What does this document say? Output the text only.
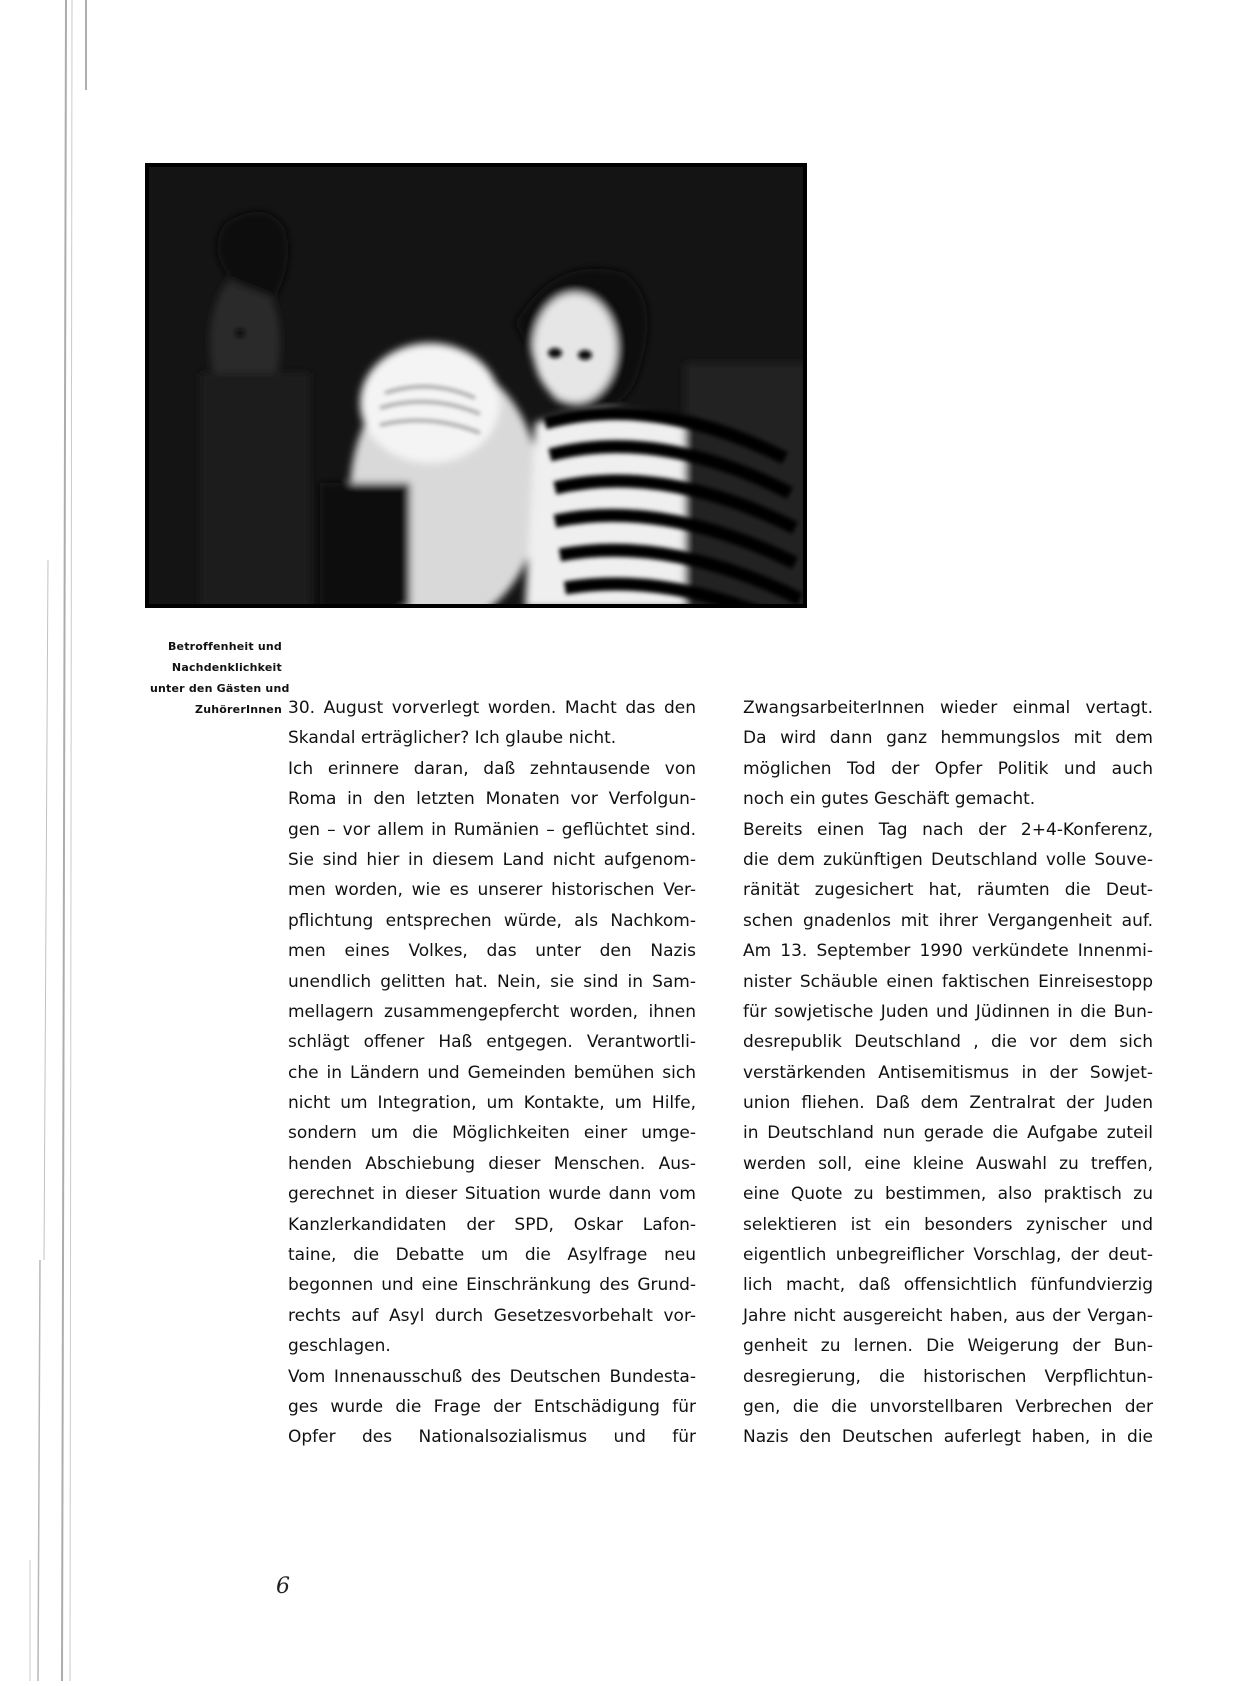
Betroffenheit und
Nachdenklichkeit
unter den Gästen und
ZuhörerInnen 30. August vorverlegt worden. Macht das den
Skandal erträglicher? Ich glaube nicht.
Ich erinnere daran, daß zehntausende von
Roma in den letzten Monaten vor Verfolgun-
gen – vor allem in Rumänien – geflüchtet sind.
Sie sind hier in diesem Land nicht aufgenom-
men worden, wie es unserer historischen Ver-
pflichtung entsprechen würde, als Nachkom-
men eines Volkes, das unter den Nazis
unendlich gelitten hat. Nein, sie sind in Sam-
mellagern zusammengepfercht worden, ihnen
schlägt offener Haß entgegen. Verantwortli-
che in Ländern und Gemeinden bemühen sich
nicht um Integration, um Kontakte, um Hilfe,
sondern um die Möglichkeiten einer umge-
henden Abschiebung dieser Menschen. Aus-
gerechnet in dieser Situation wurde dann vom
Kanzlerkandidaten der SPD, Oskar Lafon-
taine, die Debatte um die Asylfrage neu
begonnen und eine Einschränkung des Grund-
rechts auf Asyl durch Gesetzesvorbehalt vor-
geschlagen.
Vom Innenausschuß des Deutschen Bundesta-
ges wurde die Frage der Entschädigung für
Opfer des Nationalsozialismus und für
ZwangsarbeiterInnen wieder einmal vertagt.
Da wird dann ganz hemmungslos mit dem
möglichen Tod der Opfer Politik und auch
noch ein gutes Geschäft gemacht.
Bereits einen Tag nach der 2+4-Konferenz,
die dem zukünftigen Deutschland volle Souve-
ränität zugesichert hat, räumten die Deut-
schen gnadenlos mit ihrer Vergangenheit auf.
Am 13. September 1990 verkündete Innenmi-
nister Schäuble einen faktischen Einreisestopp
für sowjetische Juden und Jüdinnen in die Bun-
desrepublik Deutschland , die vor dem sich
verstärkenden Antisemitismus in der Sowjet-
union fliehen. Daß dem Zentralrat der Juden
in Deutschland nun gerade die Aufgabe zuteil
werden soll, eine kleine Auswahl zu treffen,
eine Quote zu bestimmen, also praktisch zu
selektieren ist ein besonders zynischer und
eigentlich unbegreiflicher Vorschlag, der deut-
lich macht, daß offensichtlich fünfundvierzig
Jahre nicht ausgereicht haben, aus der Vergan-
genheit zu lernen. Die Weigerung der Bun-
desregierung, die historischen Verpflichtun-
gen, die die unvorstellbaren Verbrechen der
Nazis den Deutschen auferlegt haben, in die
6
